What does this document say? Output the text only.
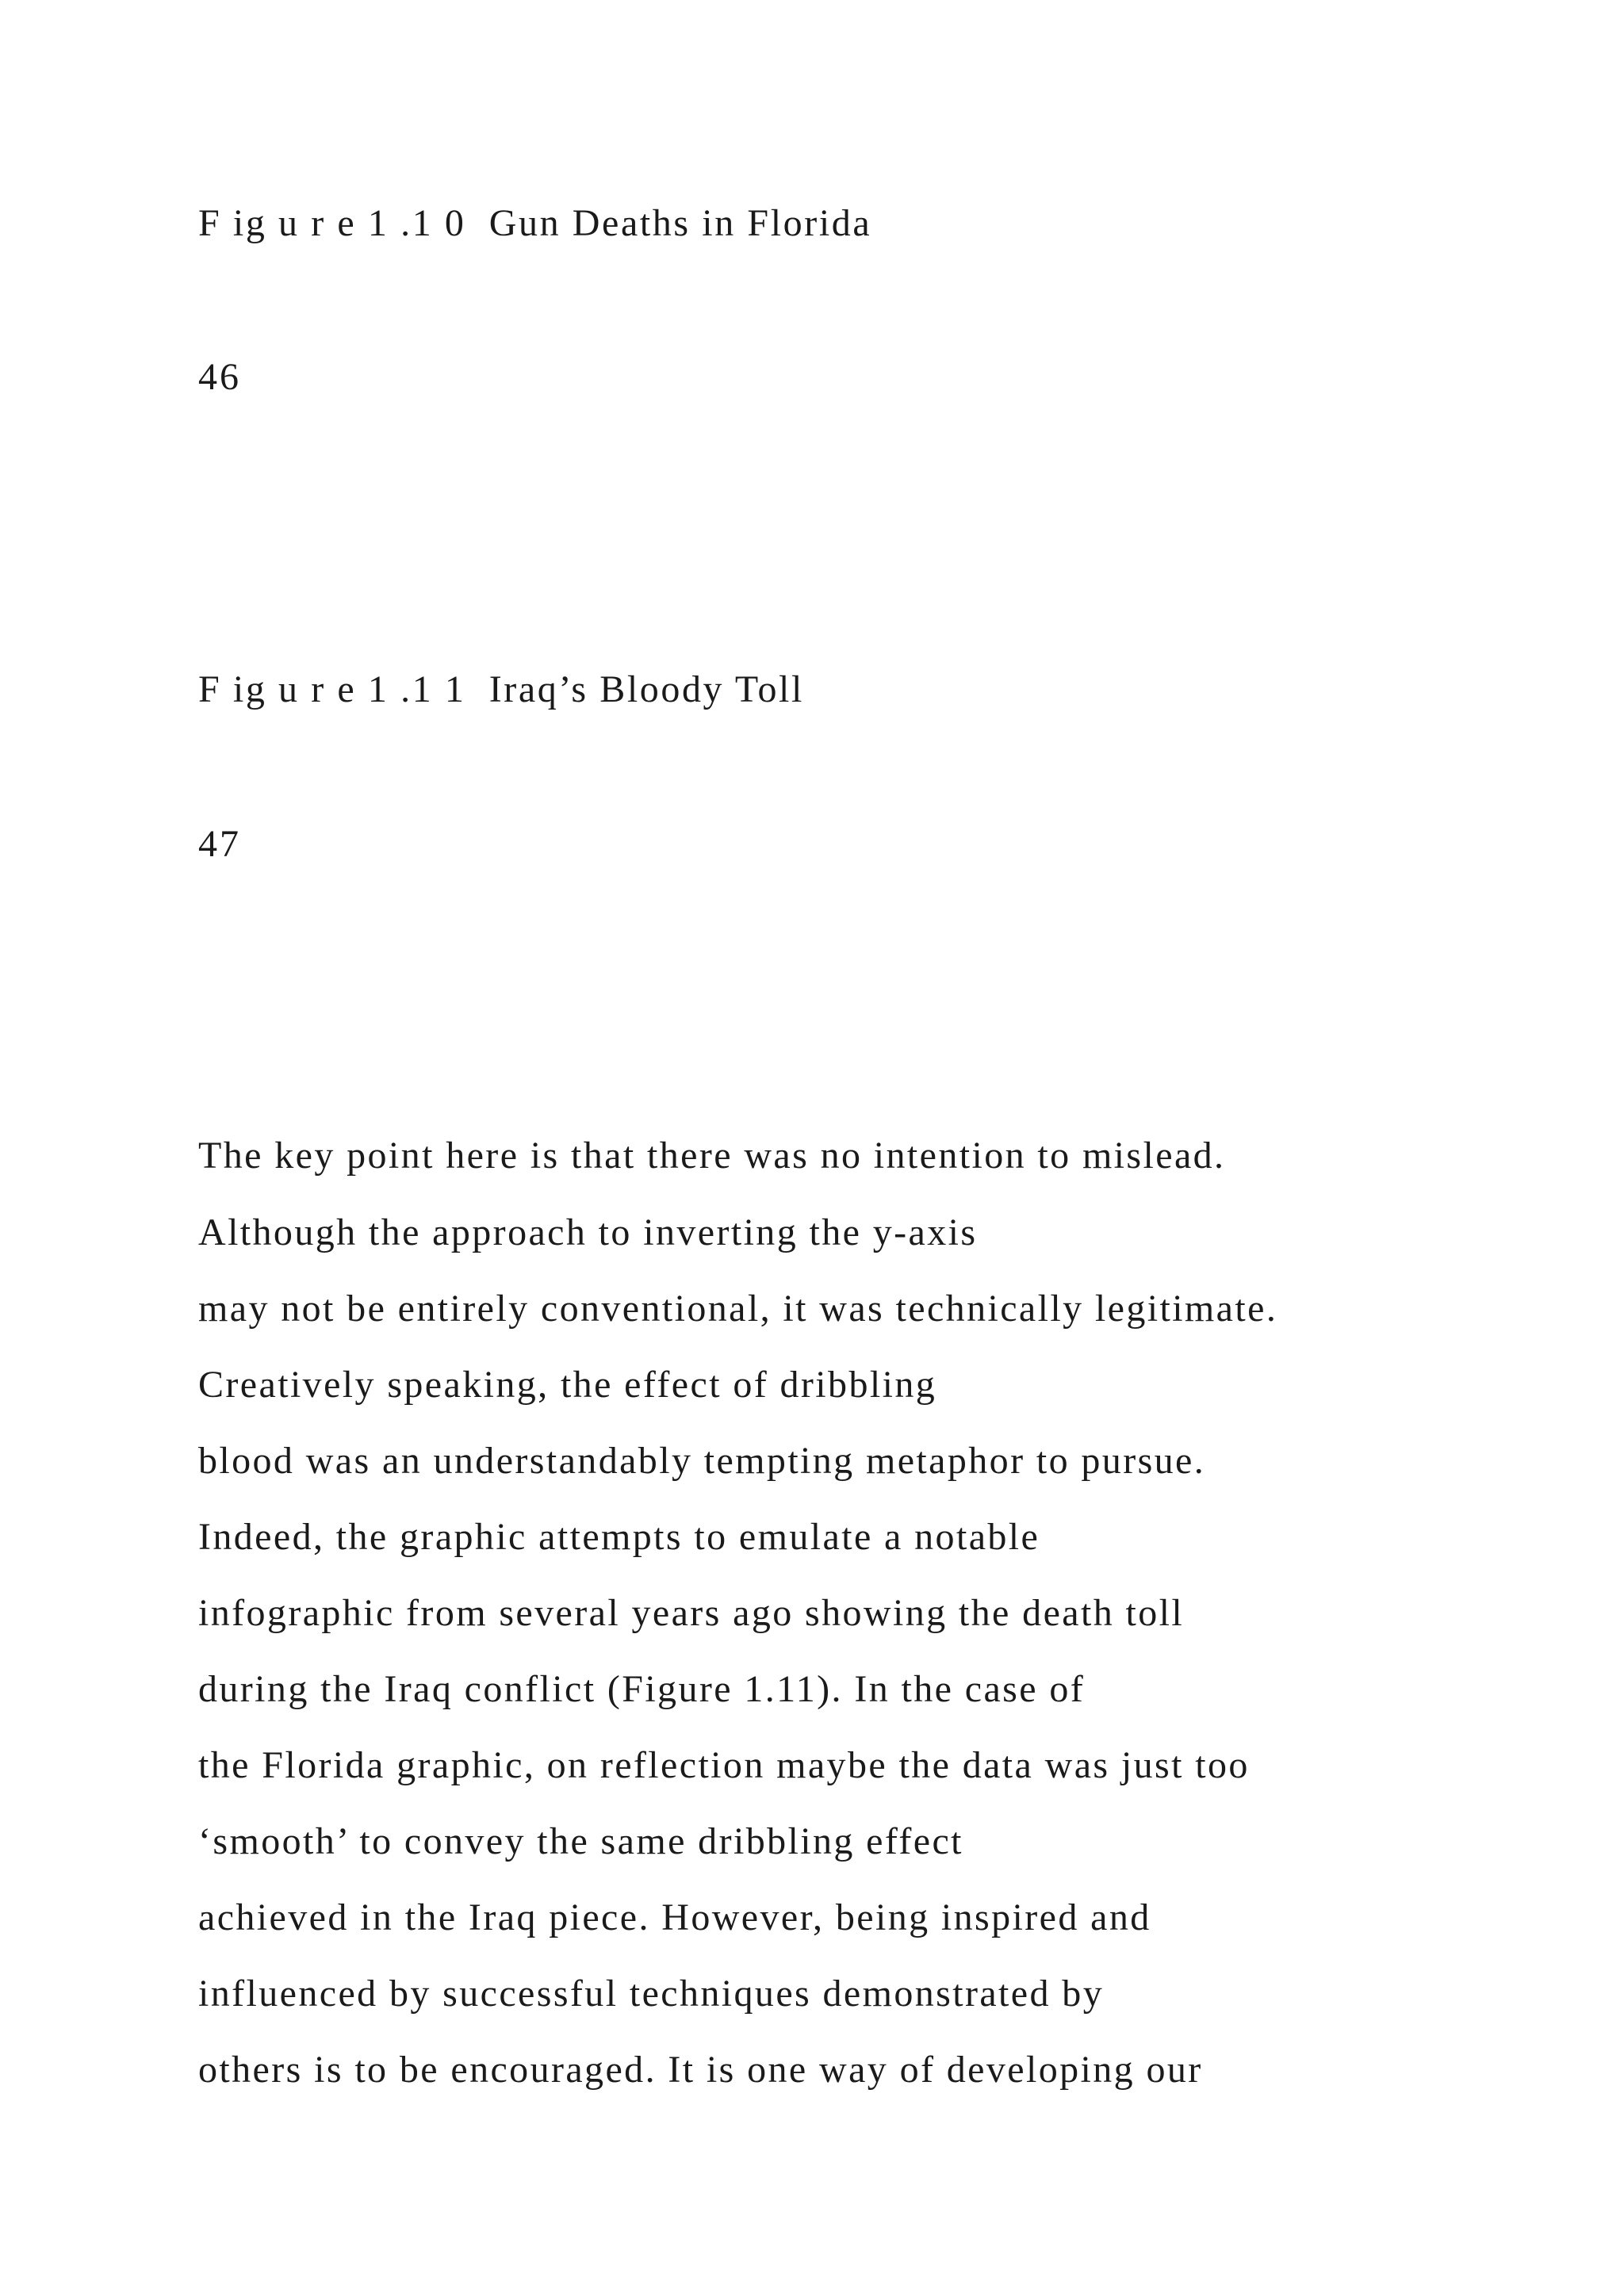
F ig u r e 1 .1 0  Gun Deaths in Florida

46

F ig u r e 1 .1 1  Iraq’s Bloody Toll

47

The key point here is that there was no intention to mislead.

Although the approach to inverting the y-axis

may not be entirely conventional, it was technically legitimate.

Creatively speaking, the effect of dribbling

blood was an understandably tempting metaphor to pursue.

Indeed, the graphic attempts to emulate a notable

infographic from several years ago showing the death toll

during the Iraq conflict (Figure 1.11). In the case of

the Florida graphic, on reflection maybe the data was just too

‘smooth’ to convey the same dribbling effect

achieved in the Iraq piece. However, being inspired and

influenced by successful techniques demonstrated by

others is to be encouraged. It is one way of developing our
